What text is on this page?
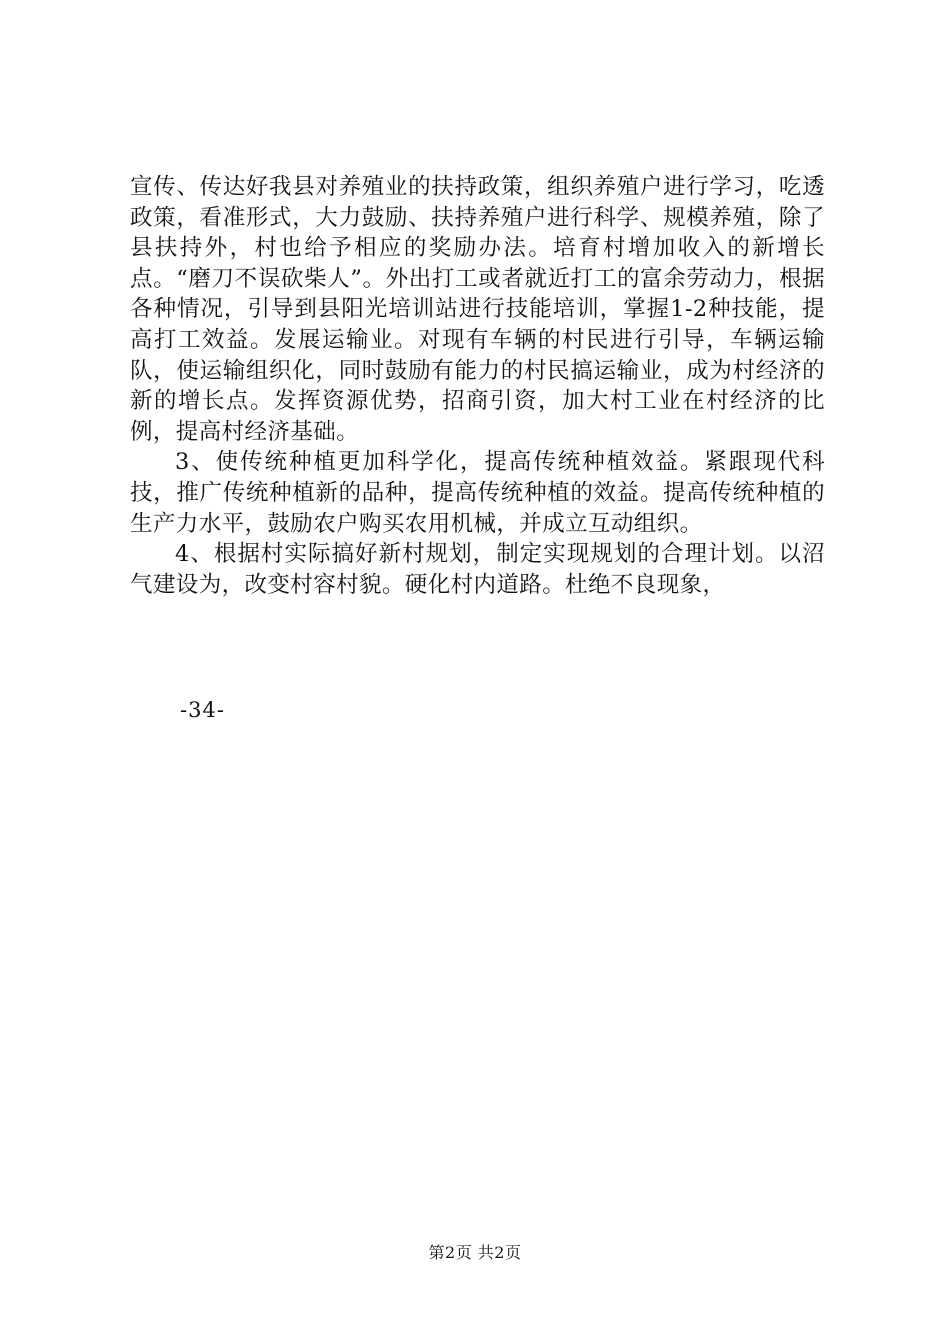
宣传、传达好我县对养殖业的扶持政策，组织养殖户进行学习，吃透政策，看准形式，大力鼓励、扶持养殖户进行科学、规模养殖，除了县扶持外，村也给予相应的奖励办法。培育村增加收入的新增长点。“磨刀不误砍柴人”。外出打工或者就近打工的富余劳动力，根据各种情况，引导到县阳光培训站进行技能培训，掌握1-2种技能，提高打工效益。发展运输业。对现有车辆的村民进行引导，车辆运输队，使运输组织化，同时鼓励有能力的村民搞运输业，成为村经济的新的增长点。发挥资源优势，招商引资，加大村工业在村经济的比例，提高村经济基础。

3、使传统种植更加科学化，提高传统种植效益。紧跟现代科技，推广传统种植新的品种，提高传统种植的效益。提高传统种植的生产力水平，鼓励农户购买农用机械，并成立互动组织。

4、根据村实际搞好新村规划，制定实现规划的合理计划。以沼气建设为，改变村容村貌。硬化村内道路。杜绝不良现象，

-34-
第2页 共2页
